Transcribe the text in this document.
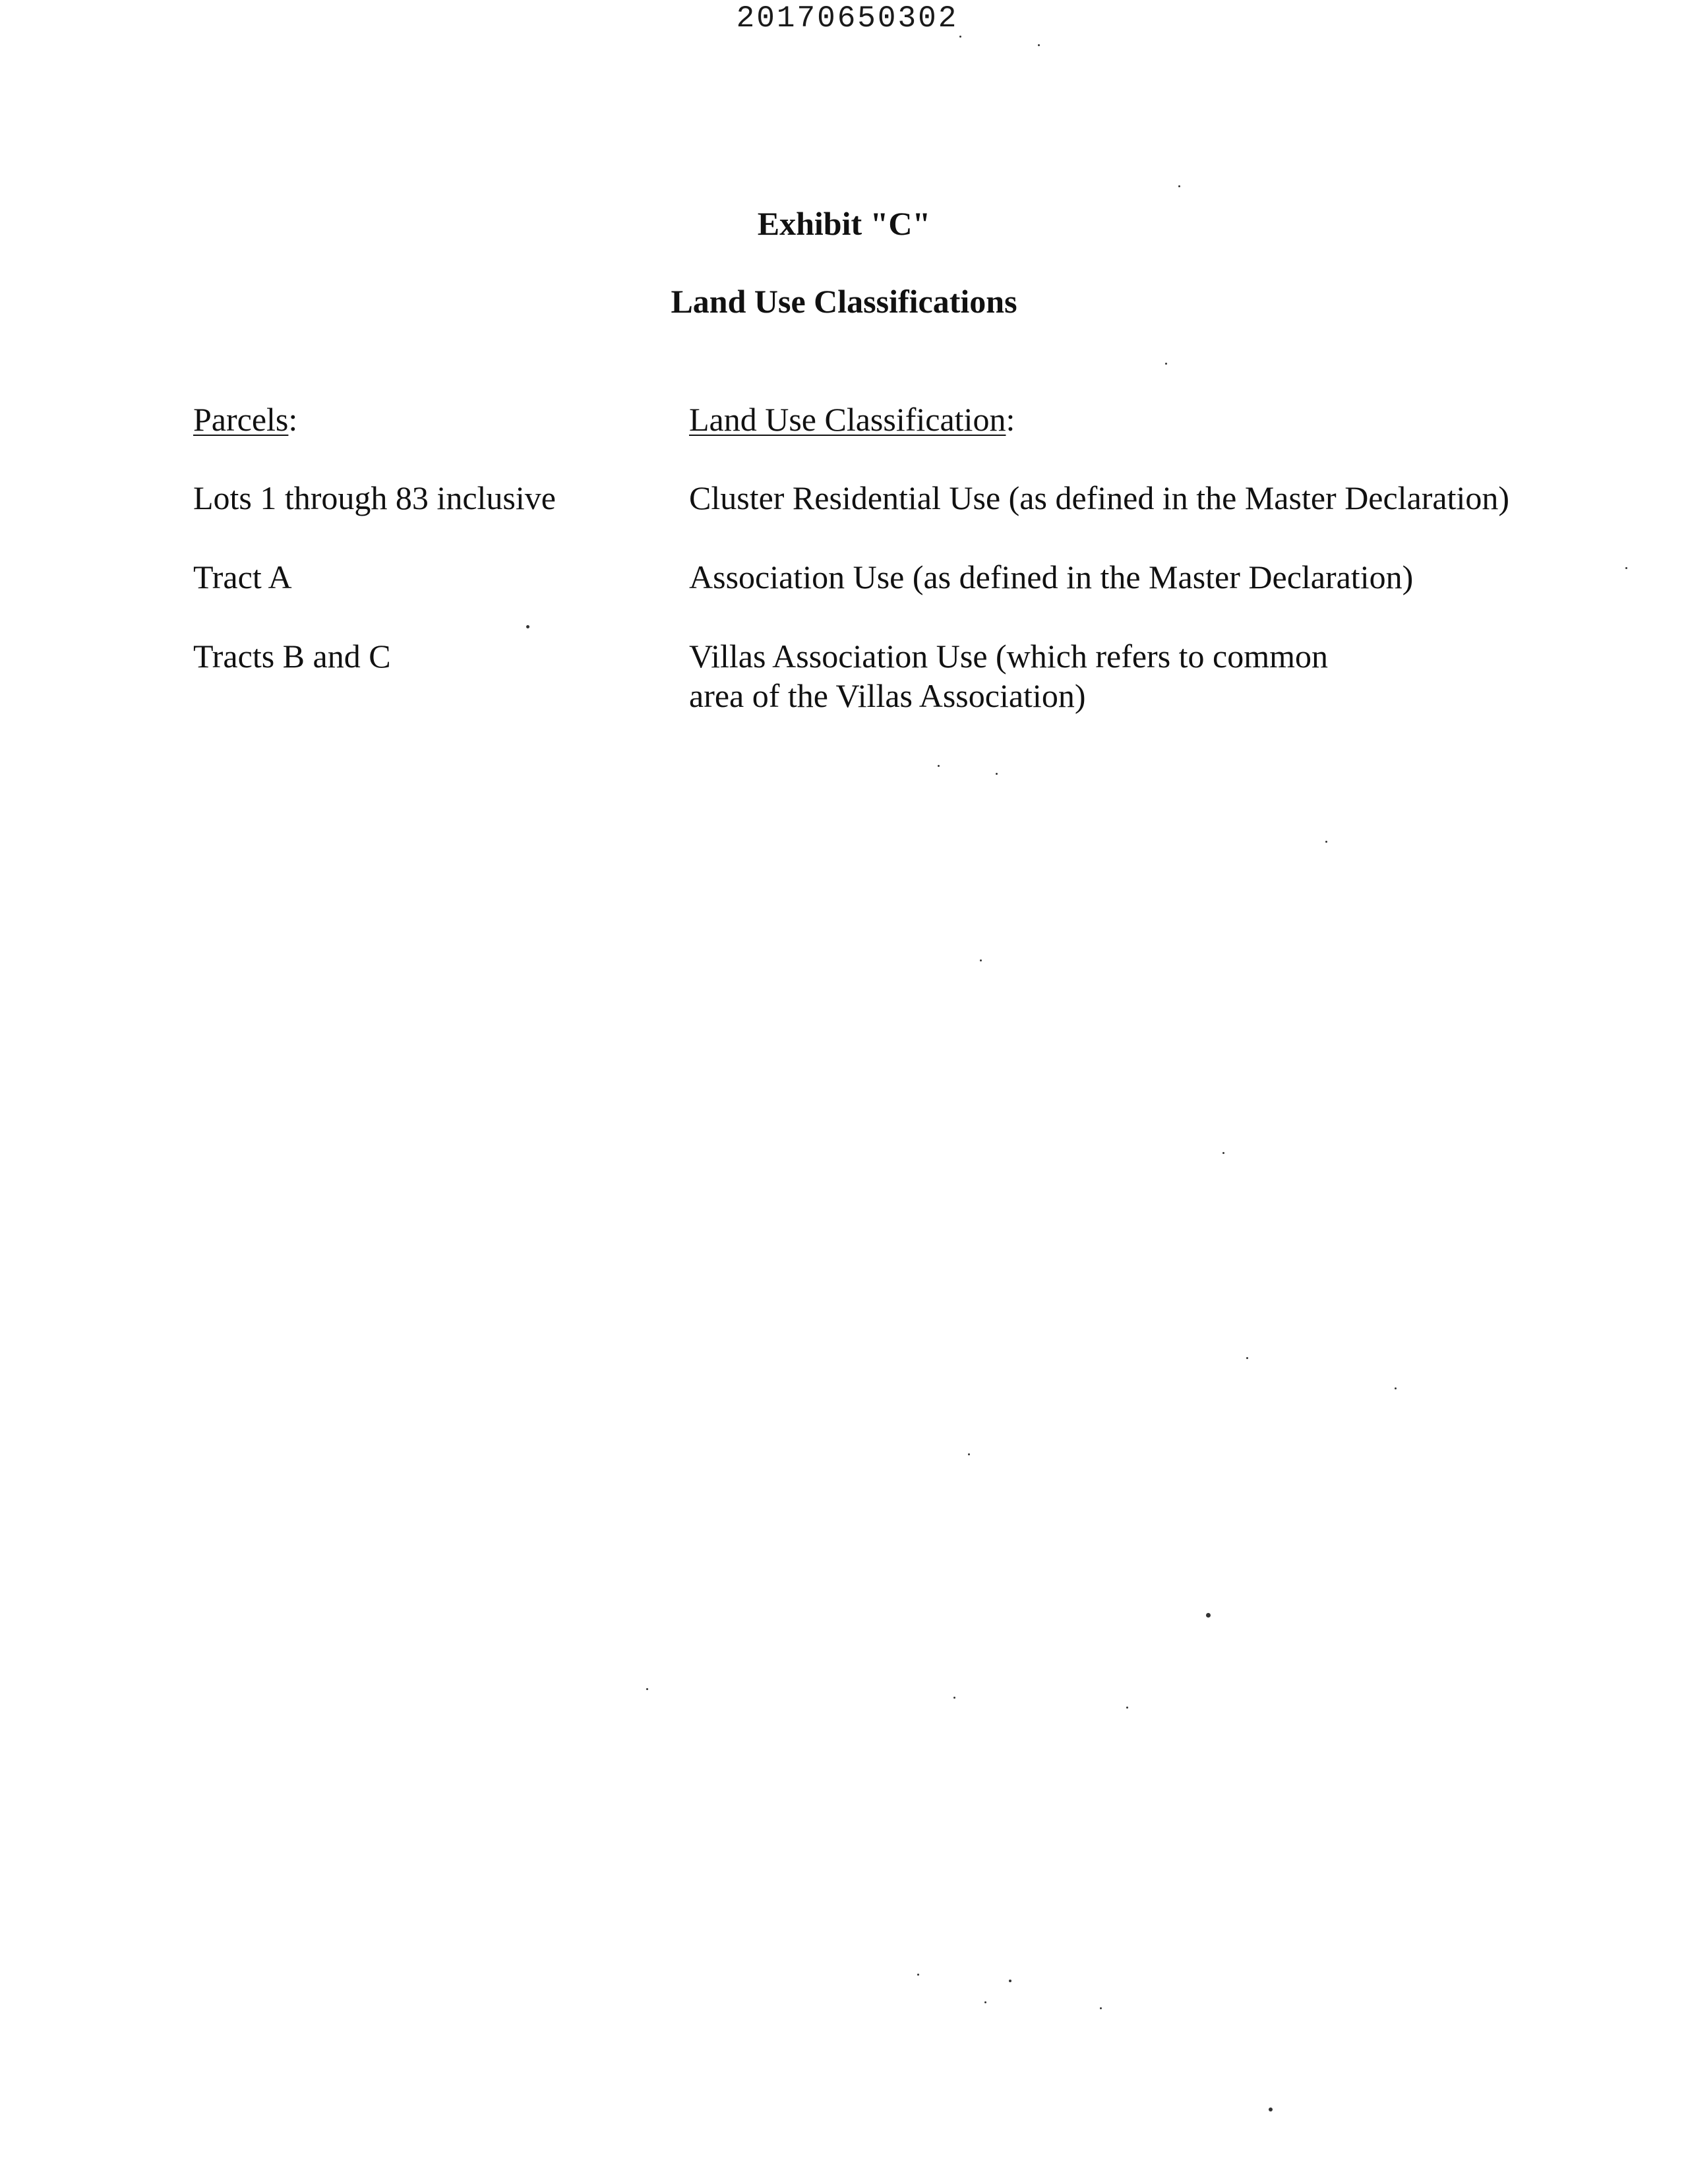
20170650302
Exhibit "C"
Land Use Classifications
Parcels:	Land Use Classification:
Lots 1 through 83 inclusive	Cluster Residential Use (as defined in the Master Declaration)
Tract A	Association Use (as defined in the Master Declaration)
Tracts B and C	Villas Association Use (which refers to common
area of the Villas Association)
